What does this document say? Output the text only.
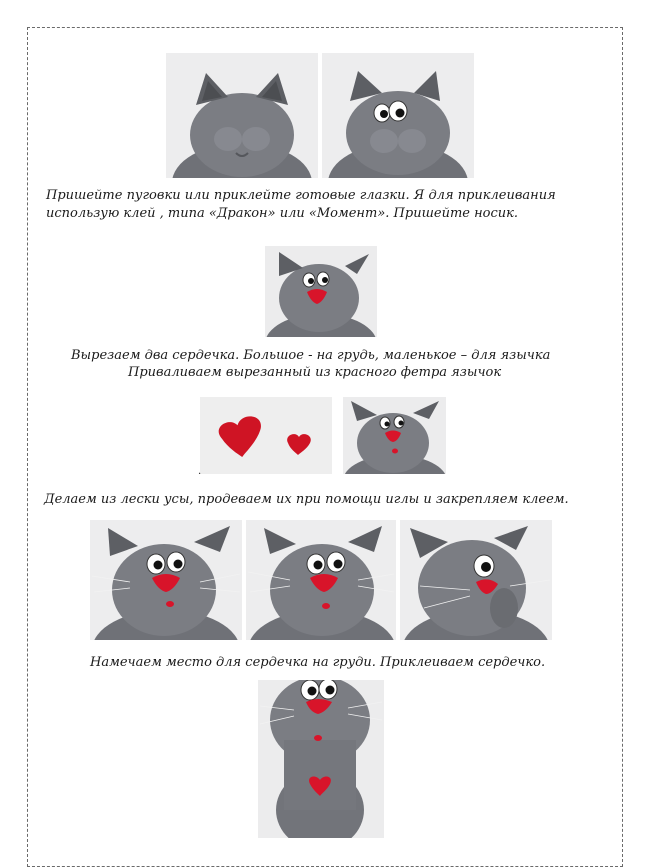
Пришейте пуговки или приклейте готовые глазки. Я для приклеивания
использую клей , типа «Дракон» или «Момент». Пришейте носик.
Вырезаем два сердечка. Большое - на грудь, маленькое – для язычка
Приваливаем вырезанный из красного фетра язычок
.
Делаем из лески усы, продеваем их при помощи иглы и закрепляем клеем.
Намечаем место для сердечка на груди. Приклеиваем сердечко.
